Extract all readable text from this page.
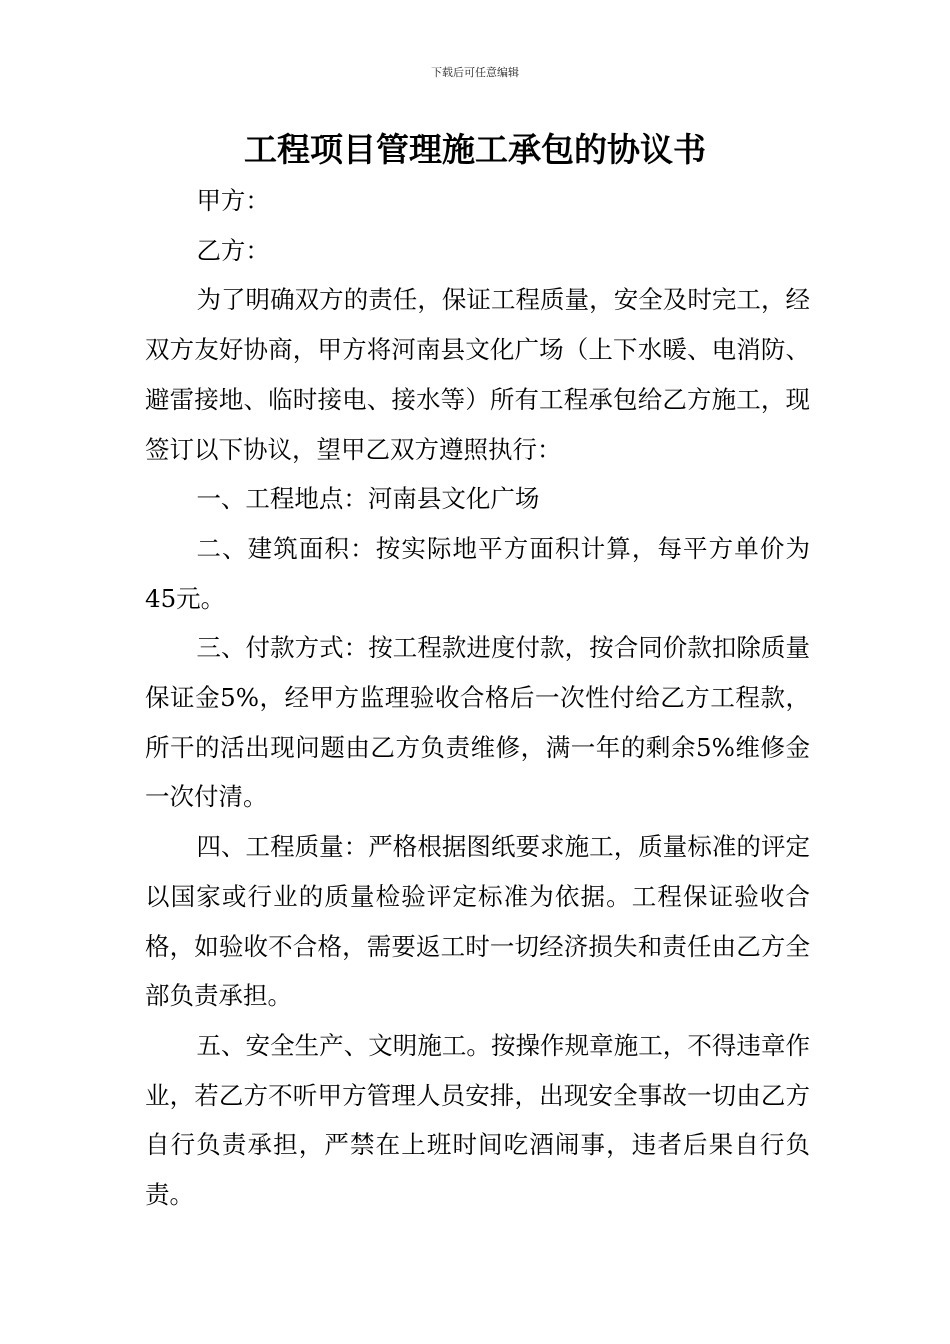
下载后可任意编辑
工程项目管理施工承包的协议书

甲方：

乙方：

为了明确双方的责任，保证工程质量，安全及时完工，经双方友好协商，甲方将河南县文化广场（上下水暖、电消防、避雷接地、临时接电、接水等）所有工程承包给乙方施工，现签订以下协议，望甲乙双方遵照执行：

一、工程地点：河南县文化广场

二、建筑面积：按实际地平方面积计算，每平方单价为45元。

三、付款方式：按工程款进度付款，按合同价款扣除质量保证金5%，经甲方监理验收合格后一次性付给乙方工程款，所干的活出现问题由乙方负责维修，满一年的剩余5%维修金一次付清。

四、工程质量：严格根据图纸要求施工，质量标准的评定以国家或行业的质量检验评定标准为依据。工程保证验收合格，如验收不合格，需要返工时一切经济损失和责任由乙方全部负责承担。

五、安全生产、文明施工。按操作规章施工，不得违章作业，若乙方不听甲方管理人员安排，出现安全事故一切由乙方自行负责承担，严禁在上班时间吃酒闹事，违者后果自行负责。
